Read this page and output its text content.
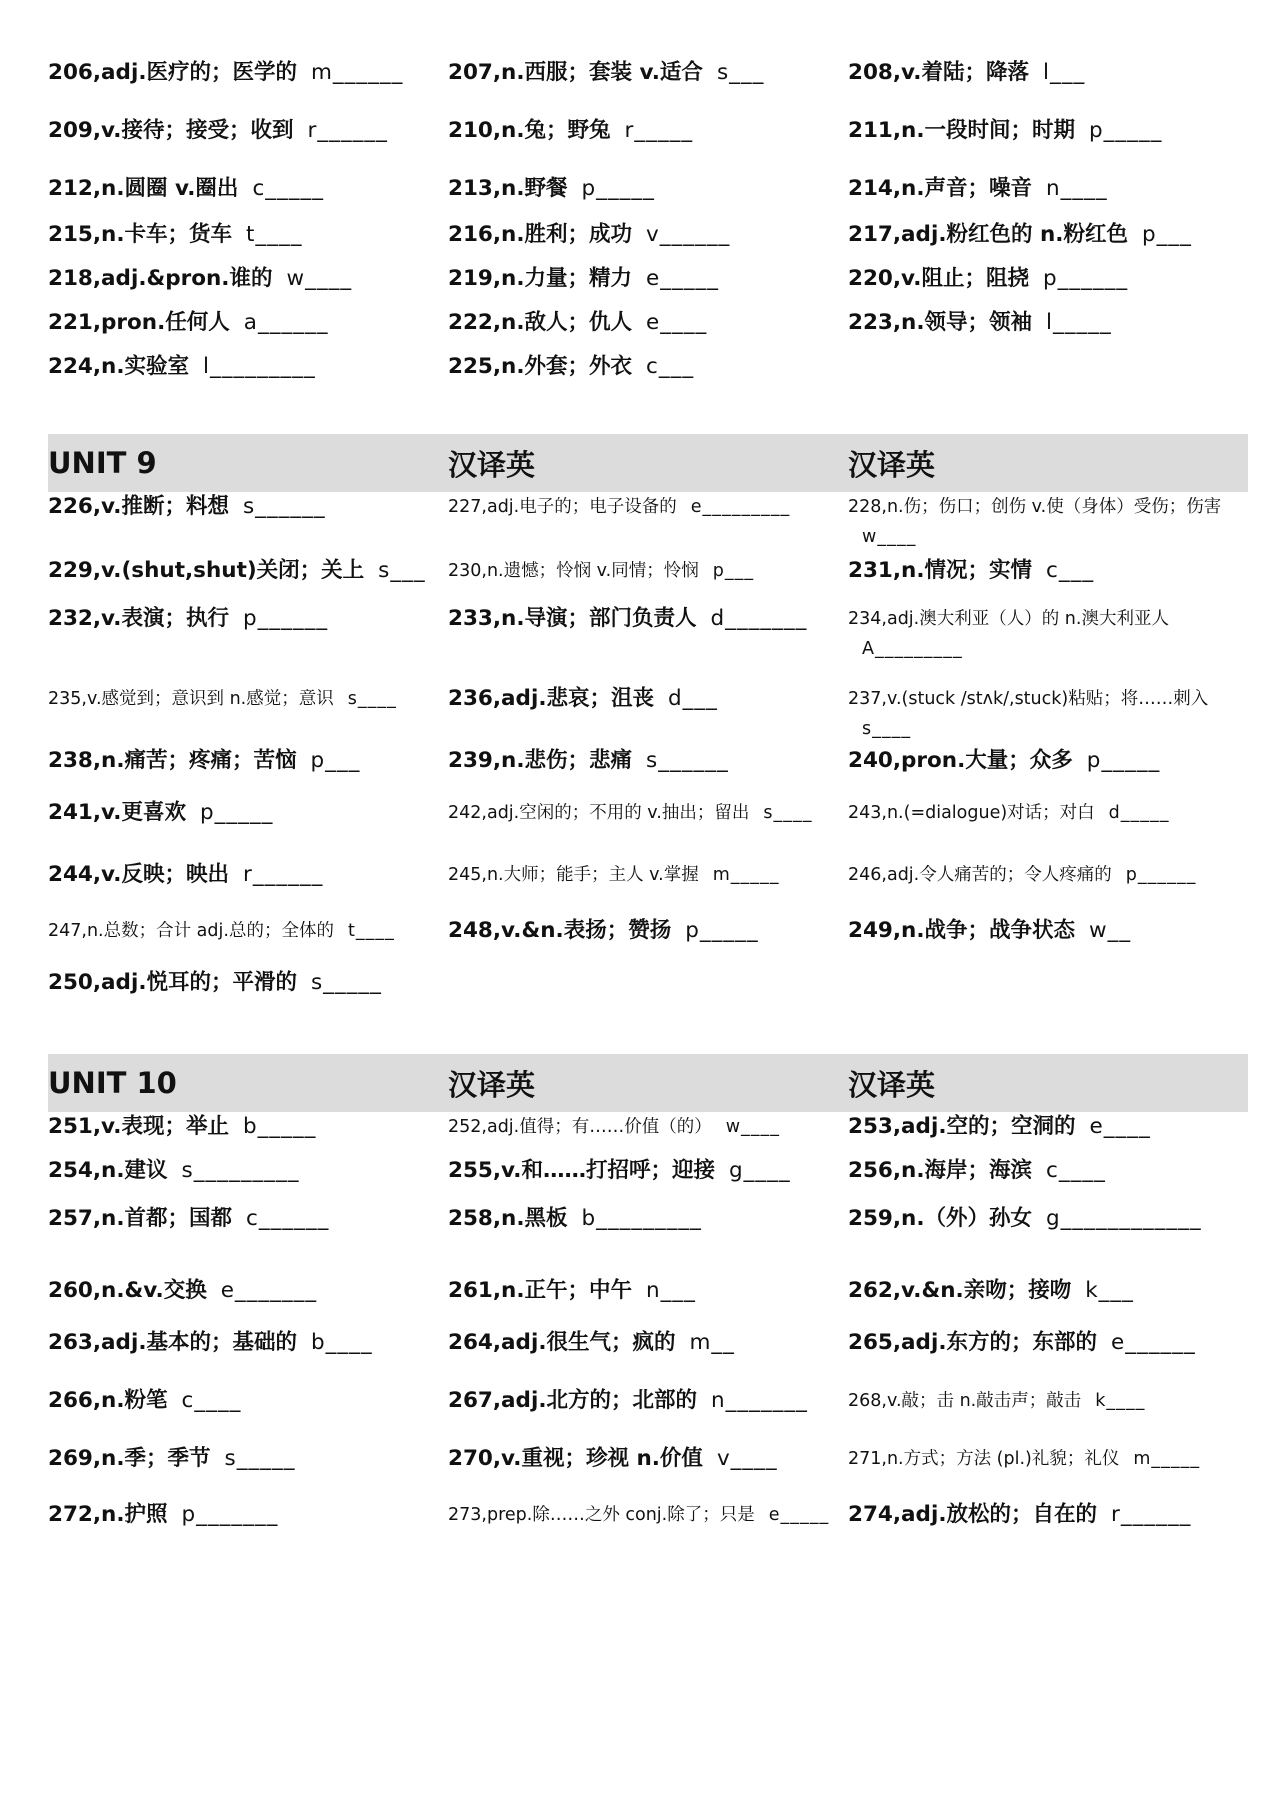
206,adj.医疗的；医学的 m______	207,n.西服；套装 v.适合 s___	208,v.着陆；降落 l___
209,v.接待；接受；收到 r______	210,n.兔；野兔 r_____	211,n.一段时间；时期 p_____
212,n.圆圈 v.圈出 c_____	213,n.野餐 p_____	214,n.声音；噪音 n____
215,n.卡车；货车 t____	216,n.胜利；成功 v______	217,adj.粉红色的 n.粉红色 p___
218,adj.&pron.谁的 w____	219,n.力量；精力 e_____	220,v.阻止；阻挠 p______
221,pron.任何人 a______	222,n.敌人；仇人 e____	223,n.领导；领袖 l_____
224,n.实验室 l_________	225,n.外套；外衣 c___
UNIT 9	汉译英	汉译英
226,v.推断；料想 s______	227,adj.电子的；电子设备的 e_________	228,n.伤；伤口；创伤 v.使（身体）受伤；伤害w____
229,v.(shut,shut)关闭；关上 s___	230,n.遗憾；怜悯 v.同情；怜悯 p___	231,n.情况；实情 c___
232,v.表演；执行 p______	233,n.导演；部门负责人 d_______	234,adj.澳大利亚（人）的 n.澳大利亚人A_________
235,v.感觉到；意识到 n.感觉；意识 s____	236,adj.悲哀；沮丧 d___	237,v.(stuck /stʌk/,stuck)粘贴；将……刺入s____
238,n.痛苦；疼痛；苦恼 p___	239,n.悲伤；悲痛 s______	240,pron.大量；众多 p_____
241,v.更喜欢 p_____	242,adj.空闲的；不用的 v.抽出；留出 s____	243,n.(=dialogue)对话；对白 d_____
244,v.反映；映出 r______	245,n.大师；能手；主人 v.掌握 m_____	246,adj.令人痛苦的；令人疼痛的 p______
247,n.总数；合计 adj.总的；全体的 t____	248,v.&n.表扬；赞扬 p_____	249,n.战争；战争状态 w__
250,adj.悦耳的；平滑的 s_____
UNIT 10	汉译英	汉译英
251,v.表现；举止 b_____	252,adj.值得；有……价值（的） w____	253,adj.空的；空洞的 e____
254,n.建议 s_________	255,v.和……打招呼；迎接 g____	256,n.海岸；海滨 c____
257,n.首都；国都 c______	258,n.黑板 b_________	259,n.（外）孙女 g____________
260,n.&v.交换 e_______	261,n.正午；中午 n___	262,v.&n.亲吻；接吻 k___
263,adj.基本的；基础的 b____	264,adj.很生气；疯的 m__	265,adj.东方的；东部的 e______
266,n.粉笔 c____	267,adj.北方的；北部的 n_______	268,v.敲；击 n.敲击声；敲击 k____
269,n.季；季节 s_____	270,v.重视；珍视 n.价值 v____	271,n.方式；方法 (pl.)礼貌；礼仪 m_____
272,n.护照 p_______	273,prep.除……之外 conj.除了；只是 e_____ 274,adj.放松的；自在的 r______
